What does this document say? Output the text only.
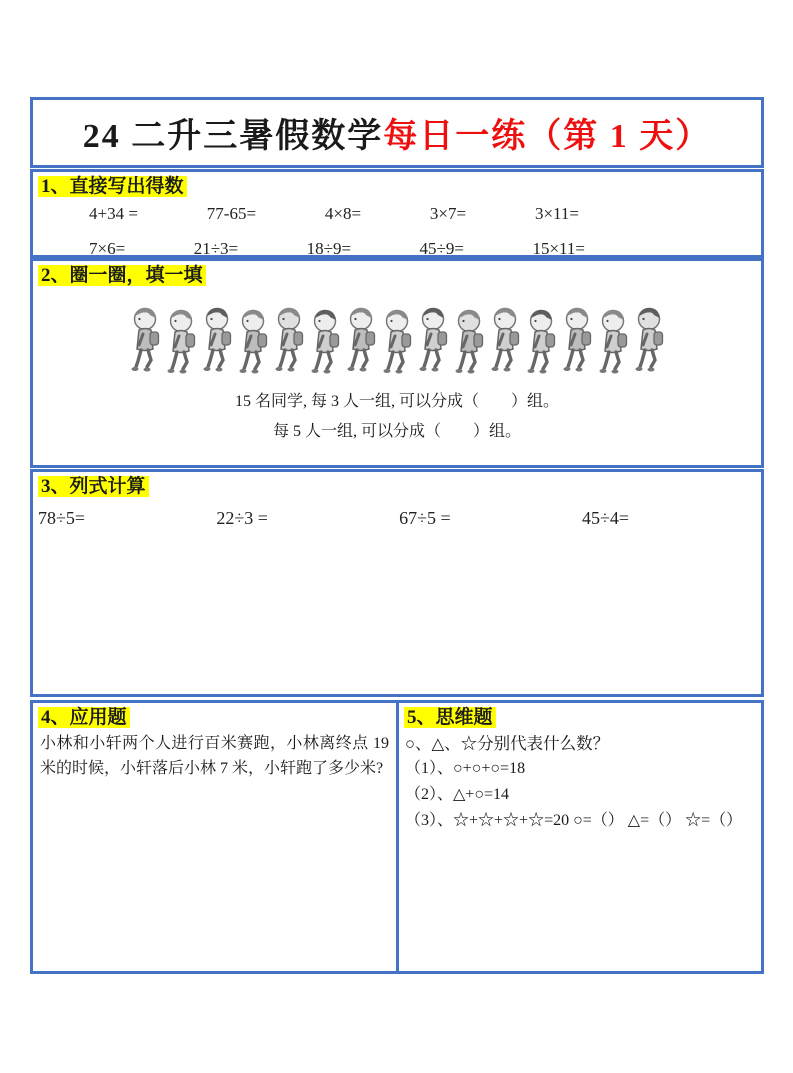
24 二升三暑假数学每日一练（第 1 天）
1、直接写出得数
4+34 =	77-65=	4×8=	3×7=	3×11=
7×6=	21÷3=	18÷9=	45÷9=	15×11=
2、圈一圈，填一填
15 名同学, 每 3 人一组, 可以分成（　　）组。
每 5 人一组, 可以分成（　　）组。
3、列式计算
78÷5=	22÷3 =	67÷5 =	45÷4=
4、应用题
小林和小轩两个人进行百米赛跑，小林离终点 19 米的时候，小轩落后小林 7 米，小轩跑了多少米?
5、思维题
○、△、☆分别代表什么数？
（1）、○+○+○=18
（2）、△+○=14
（3）、☆+☆+☆+☆=20 ○=（） △=（） ☆=（）
